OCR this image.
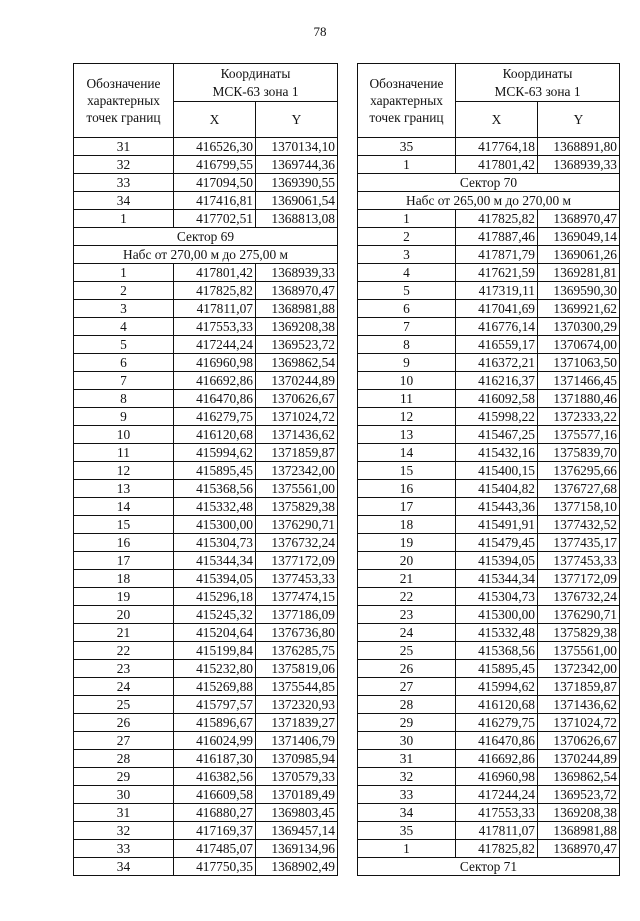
78
Обозначение
характерных
точек границ	Координаты
МСК-63 зона 1	
	X	Y
31	416526,30	1370134,10
32	416799,55	1369744,36
33	417094,50	1369390,55
34	417416,81	1369061,54
1	417702,51	1368813,08
Сектор 69		
Набс от 270,00 м до 275,00 м		
1	417801,42	1368939,33
2	417825,82	1368970,47
3	417811,07	1368981,88
4	417553,33	1369208,38
5	417244,24	1369523,72
6	416960,98	1369862,54
7	416692,86	1370244,89
8	416470,86	1370626,67
9	416279,75	1371024,72
10	416120,68	1371436,62
11	415994,62	1371859,87
12	415895,45	1372342,00
13	415368,56	1375561,00
14	415332,48	1375829,38
15	415300,00	1376290,71
16	415304,73	1376732,24
17	415344,34	1377172,09
18	415394,05	1377453,33
19	415296,18	1377474,15
20	415245,32	1377186,09
21	415204,64	1376736,80
22	415199,84	1376285,75
23	415232,80	1375819,06
24	415269,88	1375544,85
25	415797,57	1372320,93
26	415896,67	1371839,27
27	416024,99	1371406,79
28	416187,30	1370985,94
29	416382,56	1370579,33
30	416609,58	1370189,49
31	416880,27	1369803,45
32	417169,37	1369457,14
33	417485,07	1369134,96
34	417750,35	1368902,49
Обозначение
характерных
точек границ	Координаты
МСК-63 зона 1	
	X	Y
35	417764,18	1368891,80
1	417801,42	1368939,33
Сектор 70		
Набс от 265,00 м до 270,00 м		
1	417825,82	1368970,47
2	417887,46	1369049,14
3	417871,79	1369061,26
4	417621,59	1369281,81
5	417319,11	1369590,30
6	417041,69	1369921,62
7	416776,14	1370300,29
8	416559,17	1370674,00
9	416372,21	1371063,50
10	416216,37	1371466,45
11	416092,58	1371880,46
12	415998,22	1372333,22
13	415467,25	1375577,16
14	415432,16	1375839,70
15	415400,15	1376295,66
16	415404,82	1376727,68
17	415443,36	1377158,10
18	415491,91	1377432,52
19	415479,45	1377435,17
20	415394,05	1377453,33
21	415344,34	1377172,09
22	415304,73	1376732,24
23	415300,00	1376290,71
24	415332,48	1375829,38
25	415368,56	1375561,00
26	415895,45	1372342,00
27	415994,62	1371859,87
28	416120,68	1371436,62
29	416279,75	1371024,72
30	416470,86	1370626,67
31	416692,86	1370244,89
32	416960,98	1369862,54
33	417244,24	1369523,72
34	417553,33	1369208,38
35	417811,07	1368981,88
1	417825,82	1368970,47
Сектор 71		
